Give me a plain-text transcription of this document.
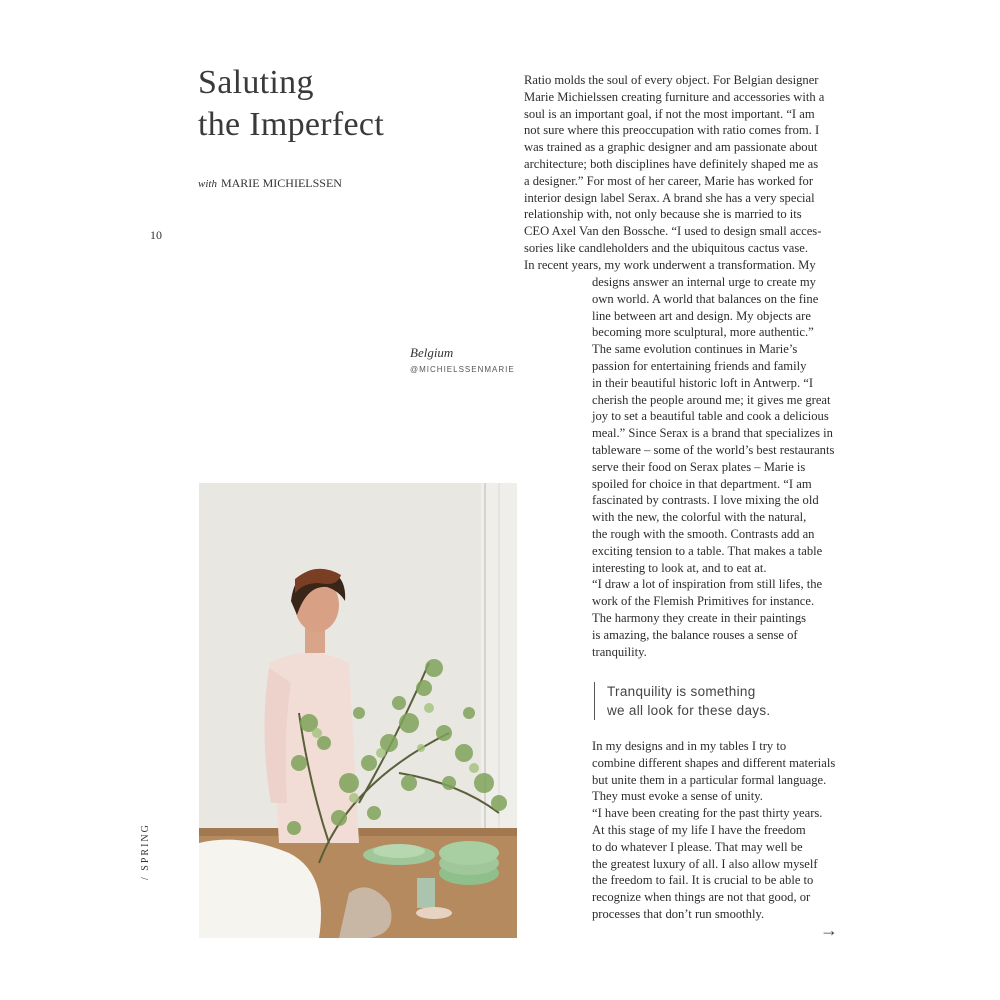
Saluting
the Imperfect

with MARIE MICHIELSSEN

10
Belgium
@MICHIELSSENMARIE
Ratio molds the soul of every object. For Belgian designer
Marie Michielssen creating furniture and accessories with a
soul is an important goal, if not the most important. “I am
not sure where this preoccupation with ratio comes from. I
was trained as a graphic designer and am passionate about
architecture; both disciplines have definitely shaped me as
a designer.” For most of her career, Marie has worked for
interior design label Serax. A brand she has a very special
relationship with, not only because she is married to its
CEO Axel Van den Bossche. “I used to design small acces-
sories like candleholders and the ubiquitous cactus vase.
In recent years, my work underwent a transformation. My
designs answer an internal urge to create my
own world. A world that balances on the fine
line between art and design. My objects are
becoming more sculptural, more authentic.”
The same evolution continues in Marie’s
passion for entertaining friends and family
in their beautiful historic loft in Antwerp. “I
cherish the people around me; it gives me great
joy to set a beautiful table and cook a delicious
meal.” Since Serax is a brand that specializes in
tableware – some of the world’s best restaurants
serve their food on Serax plates – Marie is
spoiled for choice in that department. “I am
fascinated by contrasts. I love mixing the old
with the new, the colorful with the natural,
the rough with the smooth. Contrasts add an
exciting tension to a table. That makes a table
interesting to look at, and to eat at.
“I draw a lot of inspiration from still lifes, the
work of the Flemish Primitives for instance.
The harmony they create in their paintings
is amazing, the balance rouses a sense of
tranquility.
Tranquility is something
we all look for these days.
In my designs and in my tables I try to
combine different shapes and different materials
but unite them in a particular formal language.
They must evoke a sense of unity.
“I have been creating for the past thirty years.
At this stage of my life I have the freedom
to do whatever I please. That may well be
the greatest luxury of all. I also allow myself
the freedom to fail. It is crucial to be able to
recognize when things are not that good, or
processes that don’t run smoothly.
/ SPRING
→
